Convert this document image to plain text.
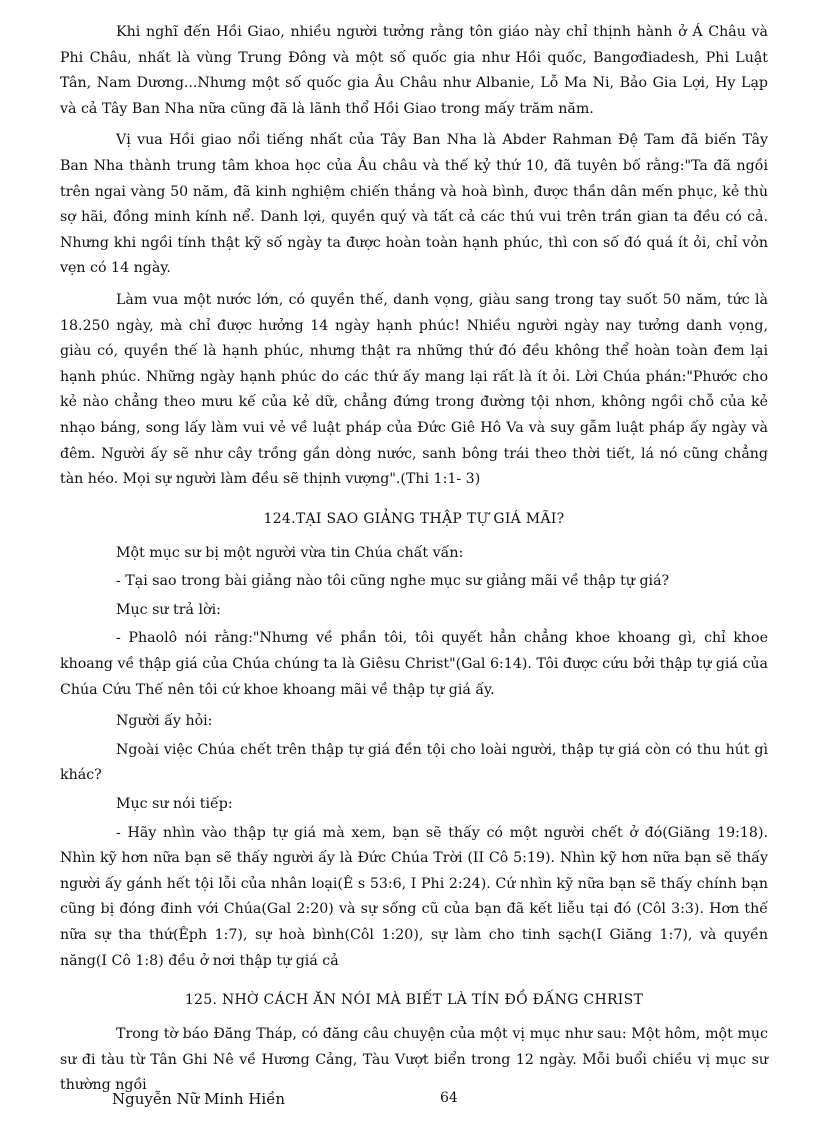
Khi nghĩ đến Hồi Giao, nhiều người tưởng rằng tôn giáo này chỉ thịnh hành ở Á Châu và Phi Châu, nhất là vùng Trung Đông và một số quốc gia như Hồi quốc, Bangơđiadesh, Phi Luật Tân, Nam Dương...Nhưng một số quốc gia Âu Châu như Albanie, Lỗ Ma Ni, Bảo Gia Lợi, Hy Lạp và cả Tây Ban Nha nữa cũng đã là lãnh thổ Hồi Giao trong mấy trăm năm.

Vị vua Hồi giao nổi tiếng nhất của Tây Ban Nha là Abder Rahman Đệ Tam đã biến Tây Ban Nha thành trung tâm khoa học của Âu châu và thế kỷ thứ 10, đã tuyên bố rằng:"Ta đã ngồi trên ngai vàng 50 năm, đã kinh nghiệm chiến thắng và hoà bình, được thần dân mến phục, kẻ thù sợ hãi, đồng minh kính nể. Danh lợi, quyền quý và tất cả các thú vui trên trần gian ta đều có cả. Nhưng khi ngồi tính thật kỹ số ngày ta được hoàn toàn hạnh phúc, thì con số đó quá ít ỏi, chỉ vỏn vẹn có 14 ngày.

Làm vua một nước lớn, có quyền thế, danh vọng, giàu sang trong tay suốt 50 năm, tức là 18.250 ngày, mà chỉ được hưởng 14 ngày hạnh phúc! Nhiều người ngày nay tưởng danh vọng, giàu có, quyền thế là hạnh phúc, nhưng thật ra những thứ đó đều không thể hoàn toàn đem lại hạnh phúc. Những ngày hạnh phúc do các thứ ấy mang lại rất là ít ỏi. Lời Chúa phán:"Phước cho kẻ nào chẳng theo mưu kế của kẻ dữ, chẳng đứng trong đường tội nhơn, không ngồi chỗ của kẻ nhạo báng, song lấy làm vui vẻ về luật pháp của Đức Giê Hô Va và suy gẫm luật pháp ấy ngày và đêm. Người ấy sẽ như cây trồng gần dòng nước, sanh bông trái theo thời tiết, lá nó cũng chẳng tàn héo. Mọi sự người làm đều sẽ thịnh vượng".(Thi 1:1- 3)

124.TẠI SAO GIẢNG THẬP TỰ GIÁ MÃI?

Một mục sư bị một người vừa tin Chúa chất vấn:

- Tại sao trong bài giảng nào tôi cũng nghe mục sư giảng mãi về thập tự giá?

Mục sư trả lời:

- Phaolô nói rằng:"Nhưng về phần tôi, tôi quyết hẳn chẳng khoe khoang gì, chỉ khoe khoang về thập giá của Chúa chúng ta là Giêsu Christ"(Gal 6:14). Tôi được cứu bởi thập tự giá của Chúa Cứu Thế nên tôi cứ khoe khoang mãi về thập tự giá ấy.

Người ấy hỏi:

Ngoài việc Chúa chết trên thập tự giá đền tội cho loài người, thập tự giá còn có thu hút gì khác?

Mục sư nói tiếp:

- Hãy nhìn vào thập tự giá mà xem, bạn sẽ thấy có một người chết ở đó(Giăng 19:18). Nhìn kỹ hơn nữa bạn sẽ thấy người ấy là Đức Chúa Trời (II Cô 5:19). Nhìn kỹ hơn nữa bạn sẽ thấy người ấy gánh hết tội lỗi của nhân loại(Ê s 53:6, I Phi 2:24). Cứ nhìn kỹ nữa bạn sẽ thấy chính bạn cũng bị đóng đinh với Chúa(Gal 2:20) và sự sống cũ của bạn đã kết liễu tại đó (Côl 3:3). Hơn thế nữa sự tha thứ(Êph 1:7), sự hoà bình(Côl 1:20), sự làm cho tinh sạch(I Giăng 1:7), và quyền năng(I Cô 1:8) đều ở nơi thập tự giá cả

125. NHỜ CÁCH ĂN NÓI MÀ BIẾT LÀ TÍN ĐỒ ĐẤNG CHRIST

Trong tờ báo Đăng Tháp, có đăng câu chuyện của một vị mục như sau: Một hôm, một mục sư đi tàu từ Tân Ghi Nê về Hương Cảng, Tàu Vượt biển trong 12 ngày. Mỗi buổi chiều vị mục sư thường ngồi

Nguyễn Nữ Minh Hiền	64
